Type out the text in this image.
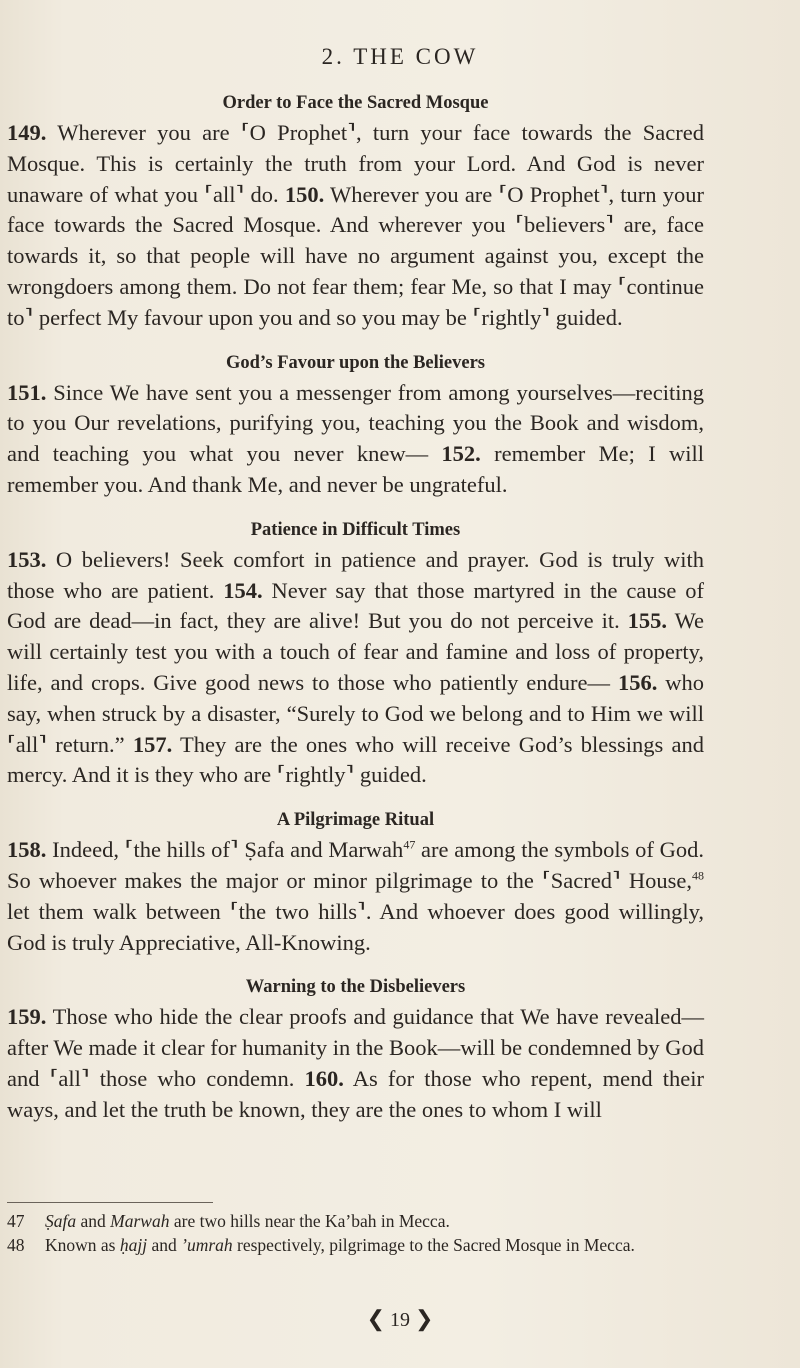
2. THE COW
Order to Face the Sacred Mosque

149. Wherever you are ⸢O Prophet⸣, turn your face towards the Sacred Mosque. This is certainly the truth from your Lord. And God is never unaware of what you ⸢all⸣ do. 150. Wherever you are ⸢O Prophet⸣, turn your face towards the Sacred Mosque. And wherever you ⸢believers⸣ are, face towards it, so that people will have no argument against you, except the wrongdoers among them. Do not fear them; fear Me, so that I may ⸢continue to⸣ perfect My favour upon you and so you may be ⸢rightly⸣ guided.

God’s Favour upon the Believers

151. Since We have sent you a messenger from among yourselves—reciting to you Our revelations, purifying you, teaching you the Book and wisdom, and teaching you what you never knew— 152. remember Me; I will remember you. And thank Me, and never be ungrateful.

Patience in Difficult Times

153. O believers! Seek comfort in patience and prayer. God is truly with those who are patient. 154. Never say that those martyred in the cause of God are dead—in fact, they are alive! But you do not perceive it. 155. We will certainly test you with a touch of fear and famine and loss of property, life, and crops. Give good news to those who patiently endure— 156. who say, when struck by a disaster, “Surely to God we belong and to Him we will ⸢all⸣ return.” 157. They are the ones who will receive God’s blessings and mercy. And it is they who are ⸢rightly⸣ guided.

A Pilgrimage Ritual

158. Indeed, ⸢the hills of⸣ Ṣafa and Marwah$^{47}$ are among the symbols of God. So whoever makes the major or minor pilgrimage to the ⸢Sacred⸣ House,$^{48}$ let them walk between ⸢the two hills⸣. And whoever does good willingly, God is truly Appreciative, All-Knowing.

Warning to the Disbelievers

159. Those who hide the clear proofs and guidance that We have revealed—after We made it clear for humanity in the Book—will be condemned by God and ⸢all⸣ those who condemn. 160. As for those who repent, mend their ways, and let the truth be known, they are the ones to whom I will

47	Ṣafa and Marwah are two hills near the Ka’bah in Mecca.
48	Known as ḥajj and ’umrah respectively, pilgrimage to the Sacred Mosque in Mecca.
❮ 19 ❯
